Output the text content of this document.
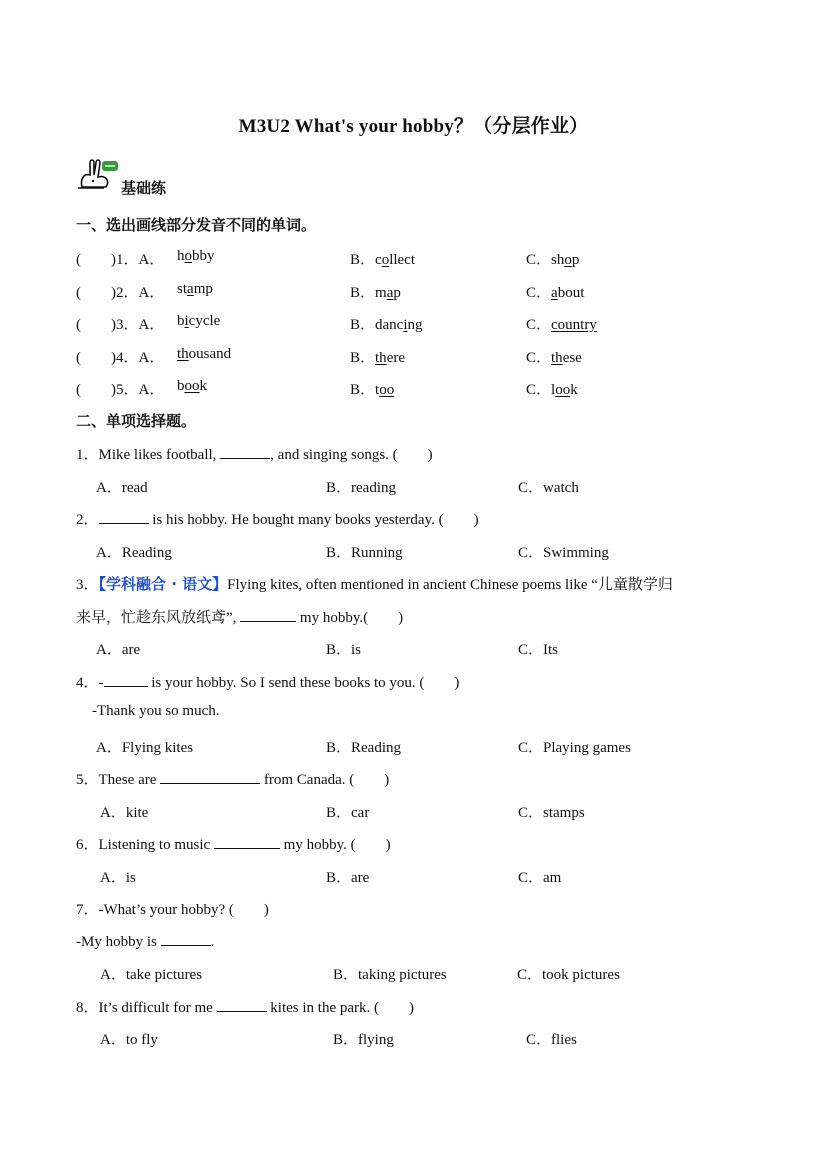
M3U2 What's your hobby？（分层作业）
基础练
一、选出画线部分发音不同的单词。
(　　)1．A． hobby	B．collect	C．shop
(　　)2．A． stamp	B．map	C．about
(　　)3．A． bicycle	B．dancing	C．country
(　　)4．A． thousand	B．there	C．these
(　　)5．A． book	B．too	C．look
二、单项选择题。
1．Mike likes football,	, and singing songs. (　　)
A．read	B．reading	C．watch
2．	is his hobby. He bought many books yesterday. (　　)
A．Reading	B．Running	C．Swimming
3．【学科融合 · 语文】Flying kites, often mentioned in ancient Chinese poems like “儿童散学归
来早，忙趁东风放纸鸢”,	my hobby.(　　)
A．are	B．is	C．Its
4．-	is your hobby. So I send these books to you. (　　)
-Thank you so much.
A．Flying kites	B．Reading	C．Playing games
5．These are	from Canada. (　　)
A．kite	B．car	C．stamps
6．Listening to music	my hobby. (　　)
A．is	B．are	C．am
7．-What’s your hobby? (　　)
-My hobby is	.
A．take pictures	B．taking pictures	C．took pictures
8．It’s difficult for me	kites in the park. (　　)
A．to fly	B．flying	C．flies
